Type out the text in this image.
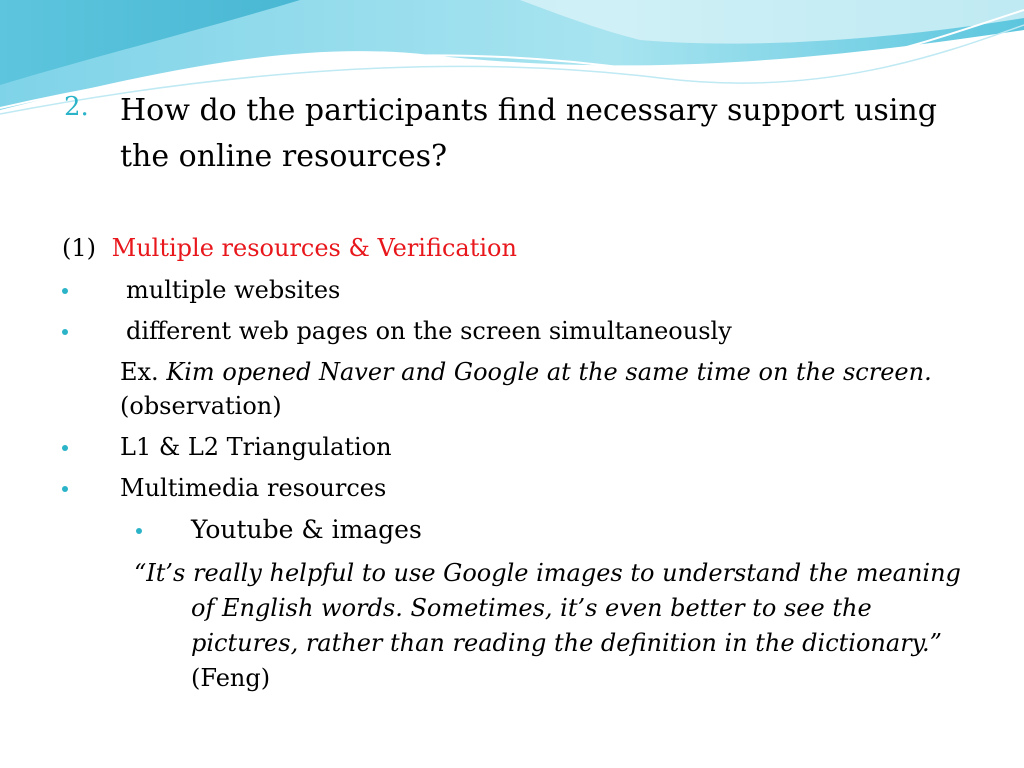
2. How do the participants find necessary support using the online resources?
(1) Multiple resources & Verification
multiple websites
different web pages on the screen simultaneously
Ex. Kim opened Naver and Google at the same time on the screen.
(observation)
L1 & L2 Triangulation
Multimedia resources
Youtube & images
“It’s really helpful to use Google images to understand the meaning of English words. Sometimes, it’s even better to see the pictures, rather than reading the definition in the dictionary.” (Feng)
